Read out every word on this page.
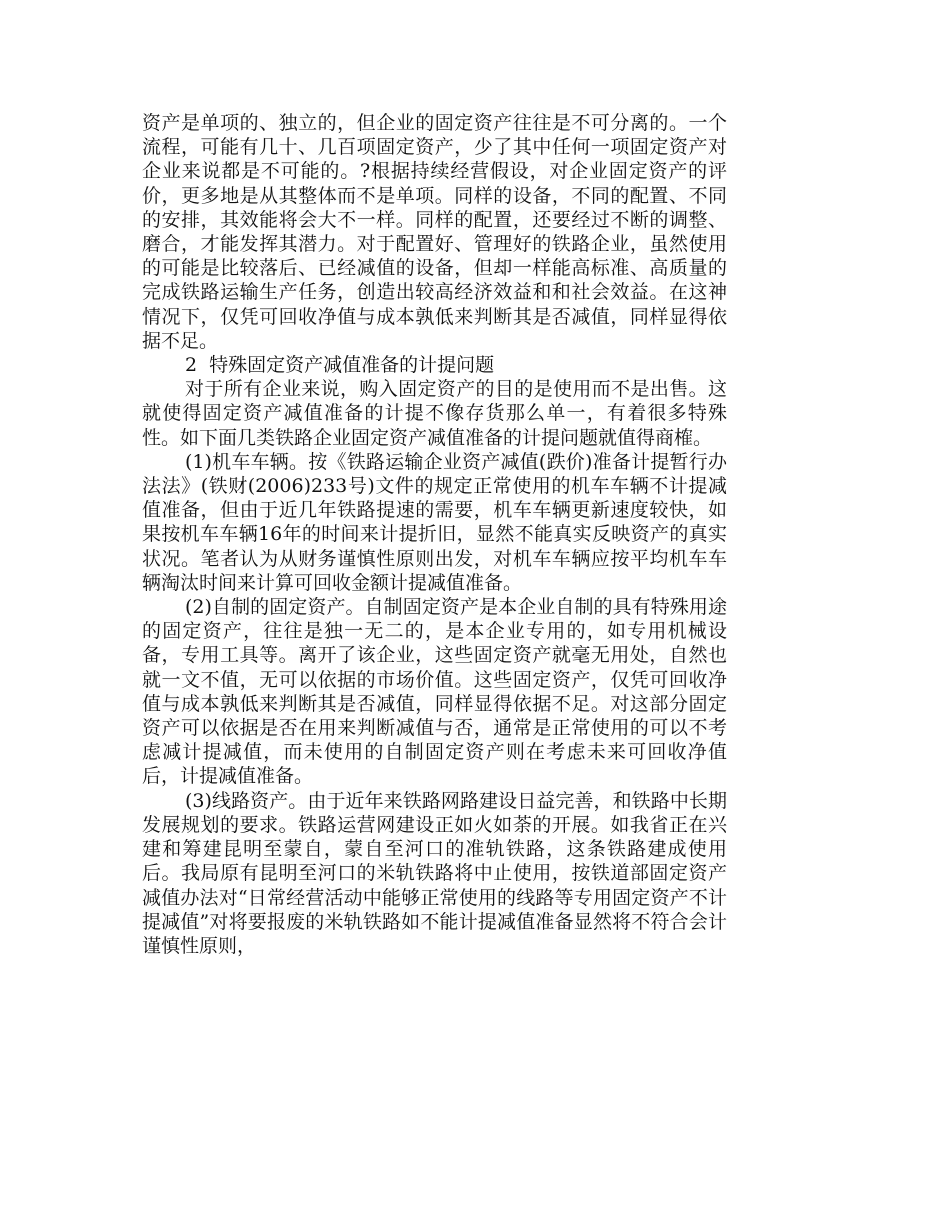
资产是单项的、独立的，但企业的固定资产往往是不可分离的。一个流程，可能有几十、几百项固定资产，少了其中任何一项固定资产对企业来说都是不可能的。?根据持续经营假设，对企业固定资产的评价，更多地是从其整体而不是单项。同样的设备，不同的配置、不同的安排，其效能将会大不一样。同样的配置，还要经过不断的调整、磨合，才能发挥其潜力。对于配置好、管理好的铁路企业，虽然使用的可能是比较落后、已经减值的设备，但却一样能高标准、高质量的完成铁路运输生产任务，创造出较高经济效益和和社会效益。在这神情况下，仅凭可回收净值与成本孰低来判断其是否减值，同样显得依据不足。

2  特殊固定资产减值准备的计提问题

对于所有企业来说，购入固定资产的目的是使用而不是出售。这就使得固定资产减值准备的计提不像存货那么单一，有着很多特殊性。如下面几类铁路企业固定资产减值准备的计提问题就值得商榷。

(1)机车车辆。按《铁路运输企业资产减值(跌价)准备计提暂行办法法》(铁财(2006)233号)文件的规定正常使用的机车车辆不计提减值准备，但由于近几年铁路提速的需要，机车车辆更新速度较快，如果按机车车辆16年的时间来计提折旧，显然不能真实反映资产的真实状况。笔者认为从财务谨慎性原则出发，对机车车辆应按平均机车车辆淘汰时间来计算可回收金额计提减值准备。

(2)自制的固定资产。自制固定资产是本企业自制的具有特殊用途的固定资产，往往是独一无二的，是本企业专用的，如专用机械设备，专用工具等。离开了该企业，这些固定资产就毫无用处，自然也就一文不值，无可以依据的市场价值。这些固定资产，仅凭可回收净值与成本孰低来判断其是否减值，同样显得依据不足。对这部分固定资产可以依据是否在用来判断减值与否，通常是正常使用的可以不考虑减计提减值，而未使用的自制固定资产则在考虑未来可回收净值后，计提减值准备。

(3)线路资产。由于近年来铁路网路建设日益完善，和铁路中长期发展规划的要求。铁路运营网建设正如火如荼的开展。如我省正在兴建和筹建昆明至蒙自，蒙自至河口的准轨铁路，这条铁路建成使用后。我局原有昆明至河口的米轨铁路将中止使用，按铁道部固定资产减值办法对“日常经营活动中能够正常使用的线路等专用固定资产不计提减值”对将要报废的米轨铁路如不能计提减值准备显然将不符合会计谨慎性原则，
